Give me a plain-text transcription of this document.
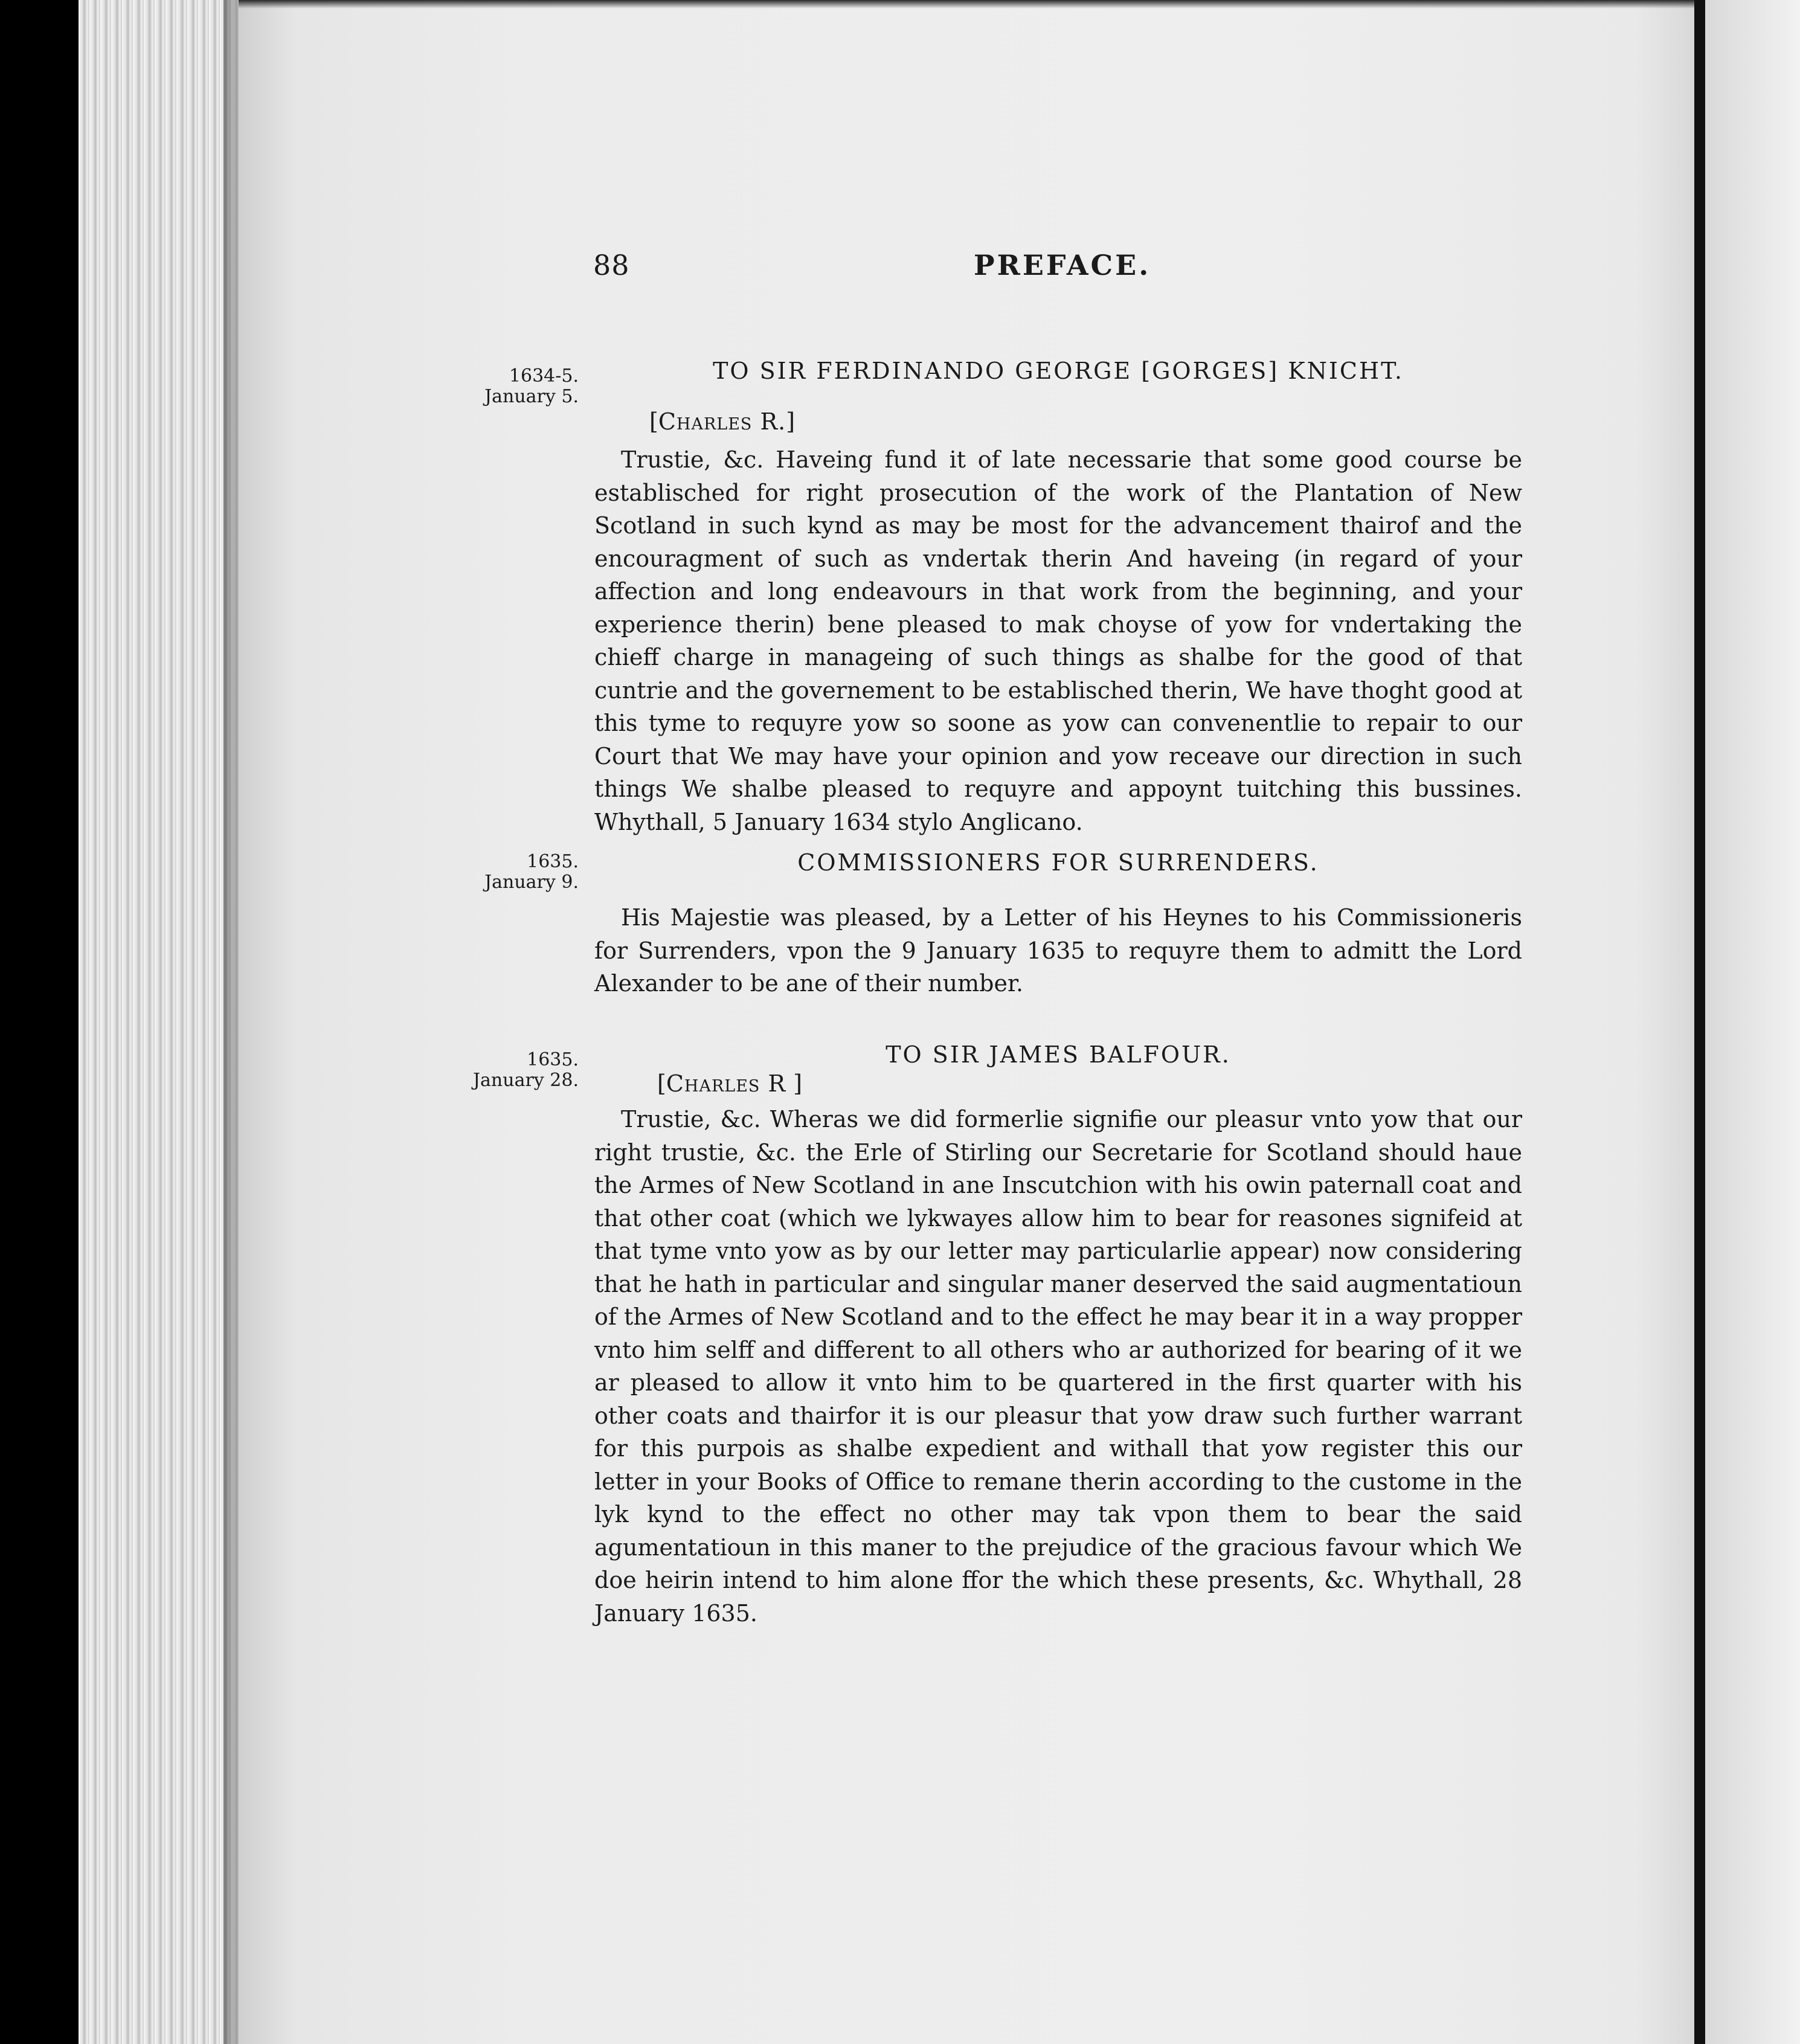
88	PREFACE.
1634-5.
January 5.
TO SIR FERDINANDO GEORGE [GORGES] KNICHT.
[Charles R.]

Trustie, &c. Haveing fund it of late necessarie that some good course be establisched for right prosecution of the work of the Plantation of New Scotland in such kynd as may be most for the advancement thairof and the encouragment of such as vndertak therin And haveing (in regard of your affection and long endeavours in that work from the beginning, and your experience therin) bene pleased to mak choyse of yow for vndertaking the chieff charge in manageing of such things as shalbe for the good of that cuntrie and the governement to be establisched therin, We have thoght good at this tyme to requyre yow so soone as yow can convenentlie to repair to our Court that We may have your opinion and yow receave our direction in such things We shalbe pleased to requyre and appoynt tuitching this bussines. Whythall, 5 January 1634 stylo Anglicano.

1635.
January 9.
COMMISSIONERS FOR SURRENDERS.

His Majestie was pleased, by a Letter of his Heynes to his Commissioneris for Surrenders, vpon the 9 January 1635 to requyre them to admitt the Lord Alexander to be ane of their number.

1635.
January 28.
TO SIR JAMES BALFOUR.
[Charles R ]

Trustie, &c. Wheras we did formerlie signifie our pleasur vnto yow that our right trustie, &c. the Erle of Stirling our Secretarie for Scotland should haue the Armes of New Scotland in ane Inscutchion with his owin paternall coat and that other coat (which we lykwayes allow him to bear for reasones signifeid at that tyme vnto yow as by our letter may particularlie appear) now considering that he hath in particular and singular maner deserved the said augmentatioun of the Armes of New Scotland and to the effect he may bear it in a way propper vnto him selff and different to all others who ar authorized for bearing of it we ar pleased to allow it vnto him to be quartered in the first quarter with his other coats and thairfor it is our pleasur that yow draw such further warrant for this purpois as shalbe expedient and withall that yow register this our letter in your Books of Office to remane therin according to the custome in the lyk kynd to the effect no other may tak vpon them to bear the said agumentatioun in this maner to the prejudice of the gracious favour which We doe heirin intend to him alone ffor the which these presents, &c. Whythall, 28 January 1635.
